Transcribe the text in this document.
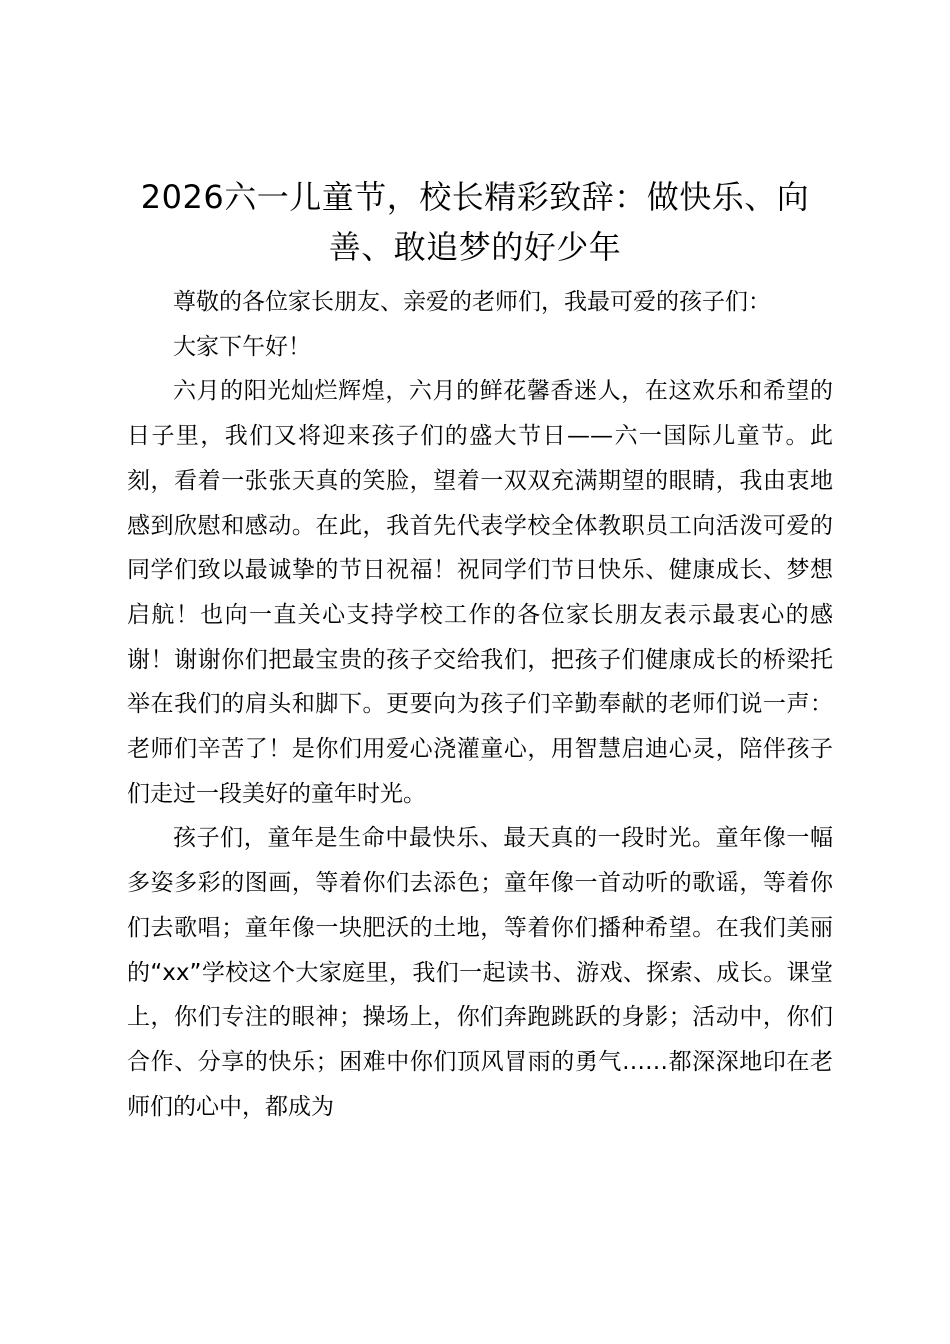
2026六一儿童节，校长精彩致辞：做快乐、向善、敢追梦的好少年

尊敬的各位家长朋友、亲爱的老师们，我最可爱的孩子们：

大家下午好！

六月的阳光灿烂辉煌，六月的鲜花馨香迷人，在这欢乐和希望的日子里，我们又将迎来孩子们的盛大节日——六一国际儿童节。此刻，看着一张张天真的笑脸，望着一双双充满期望的眼睛，我由衷地感到欣慰和感动。在此，我首先代表学校全体教职员工向活泼可爱的同学们致以最诚挚的节日祝福！祝同学们节日快乐、健康成长、梦想启航！也向一直关心支持学校工作的各位家长朋友表示最衷心的感谢！谢谢你们把最宝贵的孩子交给我们，把孩子们健康成长的桥梁托举在我们的肩头和脚下。更要向为孩子们辛勤奉献的老师们说一声：老师们辛苦了！是你们用爱心浇灌童心，用智慧启迪心灵，陪伴孩子们走过一段美好的童年时光。

孩子们，童年是生命中最快乐、最天真的一段时光。童年像一幅多姿多彩的图画，等着你们去添色；童年像一首动听的歌谣，等着你们去歌唱；童年像一块肥沃的土地，等着你们播种希望。在我们美丽的“xx”学校这个大家庭里，我们一起读书、游戏、探索、成长。课堂上，你们专注的眼神；操场上，你们奔跑跳跃的身影；活动中，你们合作、分享的快乐；困难中你们顶风冒雨的勇气……都深深地印在老师们的心中，都成为
